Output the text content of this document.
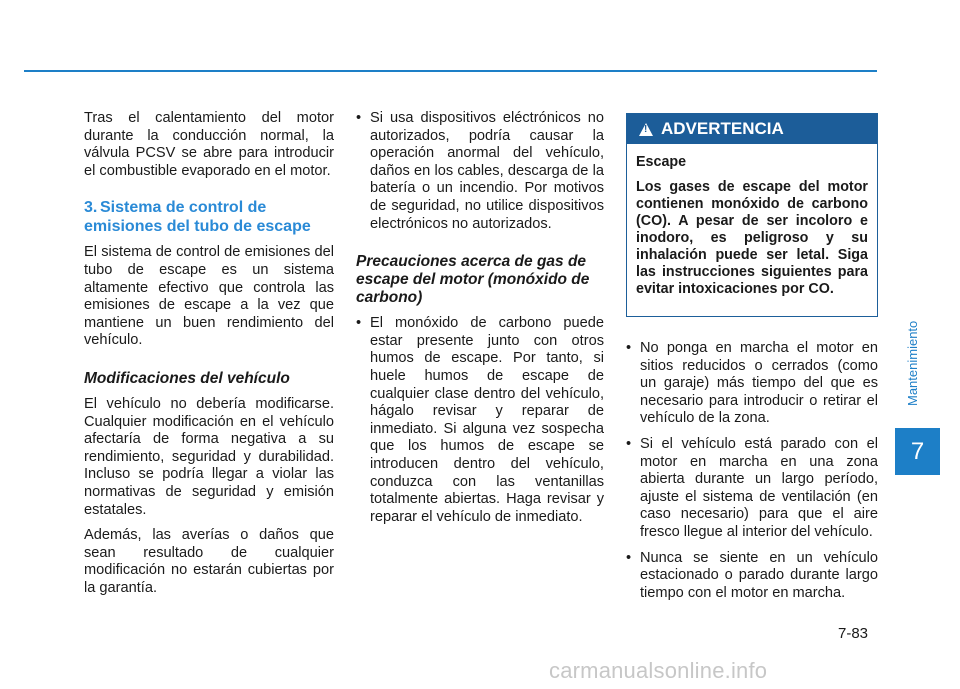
Tras el calentamiento del motor durante la conducción normal, la válvula PCSV se abre para introducir el combustible evaporado en el motor.

3. Sistema de control de emisiones del tubo de escape

El sistema de control de emisiones del tubo de escape es un sistema altamente efectivo que controla las emisiones de escape a la vez que mantiene un buen rendimiento del vehículo.

Modificaciones del vehículo

El vehículo no debería modificarse. Cualquier modificación en el vehículo afectaría de forma negativa a su rendimiento, seguridad y durabilidad. Incluso se podría llegar a violar las normativas de seguridad y emisión estatales.

Además, las averías o daños que sean resultado de cualquier modificación no estarán cubiertas por la garantía.

• Si usa dispositivos eléctrónicos no autorizados, podría causar la operación anormal del vehículo, daños en los cables, descarga de la batería o un incendio. Por motivos de seguridad, no utilice dispositivos electrónicos no autorizados.
Precauciones acerca de gas de escape del motor (monóxido de carbono)
• El monóxido de carbono puede estar presente junto con otros humos de escape. Por tanto, si huele humos de escape de cualquier clase dentro del vehículo, hágalo revisar y reparar de inmediato. Si alguna vez sospecha que los humos de escape se introducen dentro del vehículo, conduzca con las ventanillas totalmente abiertas. Haga revisar y reparar el vehículo de inmediato.
!
ADVERTENCIA

Escape

Los gases de escape del motor contienen monóxido de carbono (CO). A pesar de ser incoloro e inodoro, es peligroso y su inhalación puede ser letal. Siga las instrucciones siguientes para evitar intoxicaciones por CO.

• No ponga en marcha el motor en sitios reducidos o cerrados (como un garaje) más tiempo del que es necesario para introducir o retirar el vehículo de la zona.
• Si el vehículo está parado con el motor en marcha en una zona abierta durante un largo período, ajuste el sistema de ventilación (en caso necesario) para que el aire fresco llegue al interior del vehículo.
• Nunca se siente en un vehículo estacionado o parado durante largo tiempo con el motor en marcha.
Mantenimiento
7
7-83
carmanualsonline.info
